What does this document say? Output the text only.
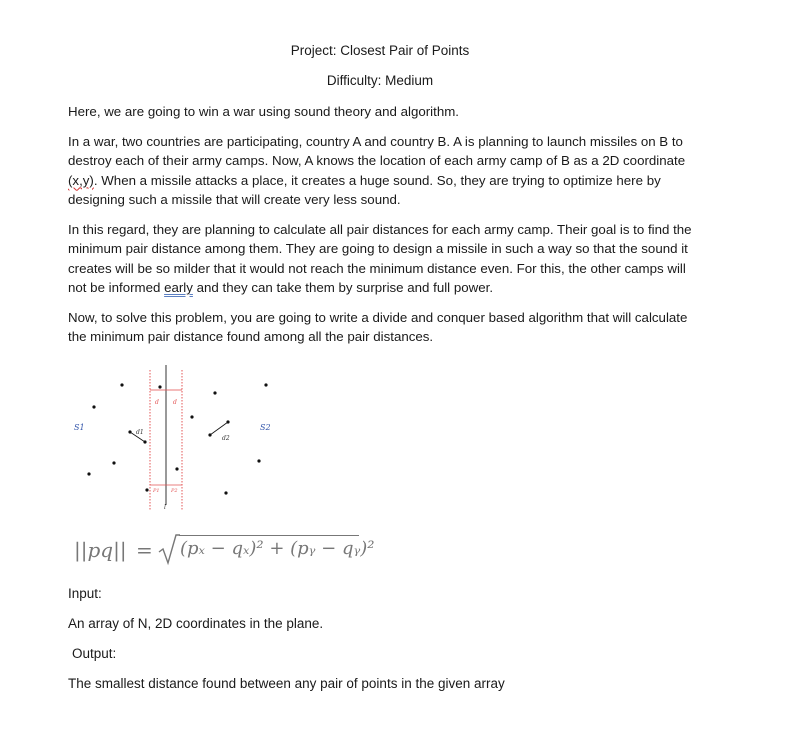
Project: Closest Pair of Points
Difficulty: Medium

Here, we are going to win a war using sound theory and algorithm.

In a war, two countries are participating, country A and country B. A is planning to launch missiles on B to destroy each of their army camps. Now, A knows the location of each army camp of B as a 2D coordinate (x,y). When a missile attacks a place, it creates a huge sound. So, they are trying to optimize here by designing such a missile that will create very less sound.

In this regard, they are planning to calculate all pair distances for each army camp. Their goal is to find the minimum pair distance among them. They are going to design a missile in such a way so that the sound it creates will be so milder that it would not reach the minimum distance even. For this, the other camps will not be informed early and they can take them by surprise and full power.

Now, to solve this problem, you are going to write a divide and conquer based algorithm that will calculate the minimum pair distance found among all the pair distances.

S1	S2
d d
d1
d2
P1 P2
l
||pq|| = (pₓ − qₓ)² + (pᵧ − qᵧ)²
Input:
An array of N, 2D coordinates in the plane.
Output:
The smallest distance found between any pair of points in the given array
